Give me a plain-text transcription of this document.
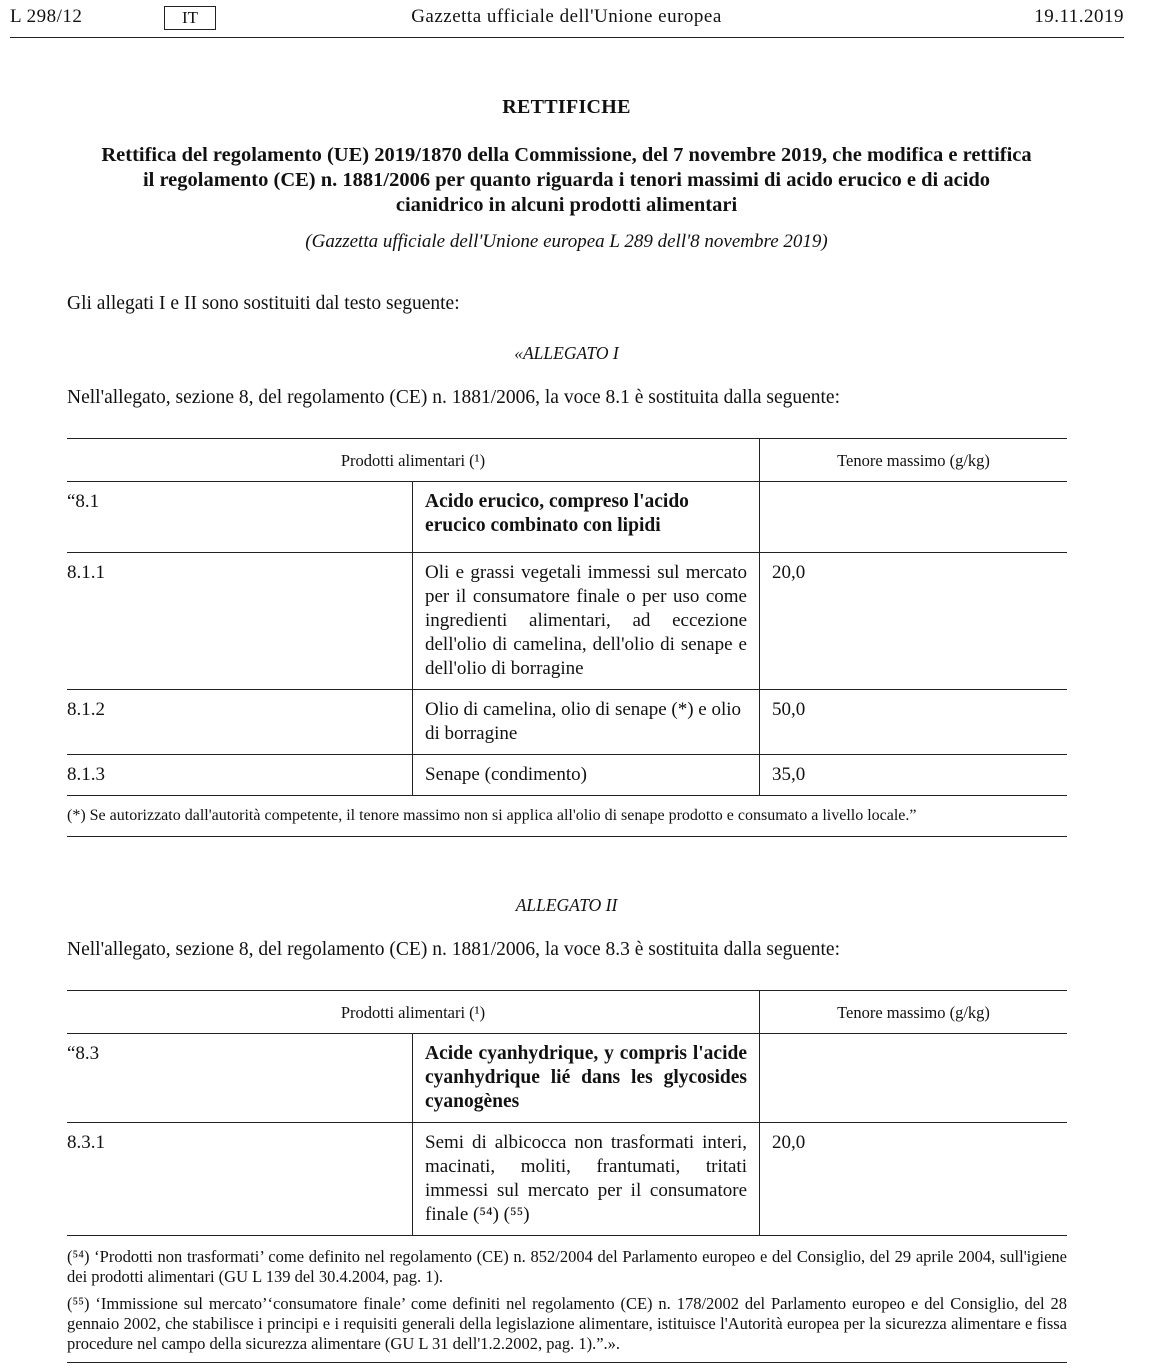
L 298/12	IT	Gazzetta ufficiale dell'Unione europea	19.11.2019
RETTIFICHE
Rettifica del regolamento (UE) 2019/1870 della Commissione, del 7 novembre 2019, che modifica e rettifica il regolamento (CE) n. 1881/2006 per quanto riguarda i tenori massimi di acido erucico e di acido cianidrico in alcuni prodotti alimentari
(Gazzetta ufficiale dell'Unione europea L 289 dell'8 novembre 2019)
Gli allegati I e II sono sostituiti dal testo seguente:
«ALLEGATO I
Nell'allegato, sezione 8, del regolamento (CE) n. 1881/2006, la voce 8.1 è sostituita dalla seguente:
Prodotti alimentari (¹)		Tenore massimo (g/kg)
“8.1	Acido erucico, compreso l'acido erucico combinato con lipidi	
8.1.1	Oli e grassi vegetali immessi sul mercato per il consumatore finale o per uso come ingredienti alimentari, ad eccezione dell'olio di camelina, dell'olio di senape e dell'olio di borragine	20,0
8.1.2	Olio di camelina, olio di senape (*) e olio di borragine	50,0
8.1.3	Senape (condimento)	35,0
(*) Se autorizzato dall'autorità competente, il tenore massimo non si applica all'olio di senape prodotto e consumato a livello locale.”		
ALLEGATO II
Nell'allegato, sezione 8, del regolamento (CE) n. 1881/2006, la voce 8.3 è sostituita dalla seguente:
Prodotti alimentari (¹)		Tenore massimo (g/kg)
“8.3	Acide cyanhydrique, y compris l'acide cyanhydrique lié dans les glycosides cyanogènes	
8.3.1	Semi di albicocca non trasformati interi, macinati, moliti, frantumati, tritati immessi sul mercato per il consumatore finale (⁵⁴) (⁵⁵)	20,0
(⁵⁴) ‘Prodotti non trasformati’ come definito nel regolamento (CE) n. 852/2004 del Parlamento europeo e del Consiglio, del 29 aprile 2004, sull'igiene dei prodotti alimentari (GU L 139 del 30.4.2004, pag. 1).
(⁵⁵) ‘Immissione sul mercato’‘consumatore finale’ come definiti nel regolamento (CE) n. 178/2002 del Parlamento europeo e del Consiglio, del 28 gennaio 2002, che stabilisce i principi e i requisiti generali della legislazione alimentare, istituisce l'Autorità europea per la sicurezza alimentare e fissa procedure nel campo della sicurezza alimentare (GU L 31 dell'1.2.2002, pag. 1).”.».
